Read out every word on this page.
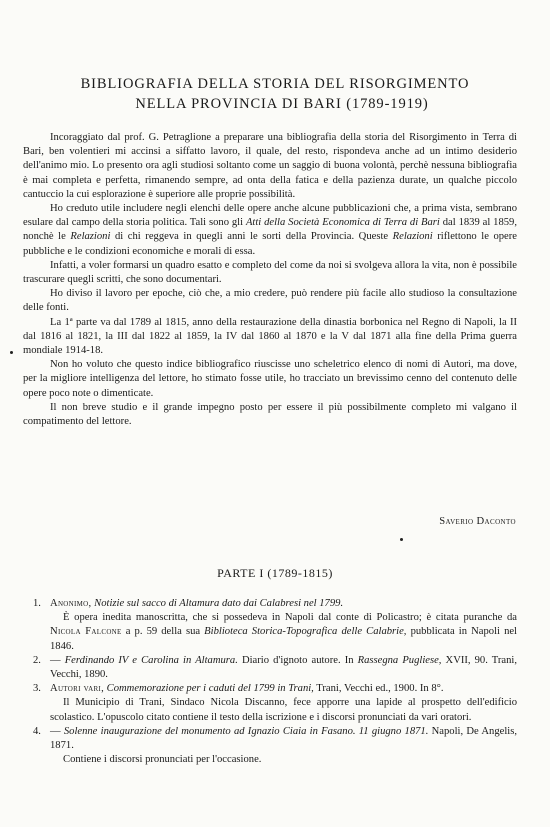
BIBLIOGRAFIA DELLA STORIA DEL RISORGIMENTO
NELLA PROVINCIA DI BARI (1789-1919)

Incoraggiato dal prof. G. Petraglione a preparare una bibliografia della storia del Risorgimento in Terra di Bari, ben volentieri mi accinsi a siffatto lavoro, il quale, del resto, rispondeva anche ad un intimo desiderio dell'animo mio. Lo presento ora agli studiosi soltanto come un saggio di buona volontà, perchè nessuna bibliografia è mai completa e perfetta, rimanendo sempre, ad onta della fatica e della pazienza durate, un qualche piccolo cantuccio la cui esplorazione è superiore alle proprie possibilità.

Ho creduto utile includere negli elenchi delle opere anche alcune pubblicazioni che, a prima vista, sembrano esulare dal campo della storia politica. Tali sono gli Atti della Società Economica di Terra di Bari dal 1839 al 1859, nonchè le Relazioni di chi reggeva in quegli anni le sorti della Provincia. Queste Relazioni riflettono le opere pubbliche e le condizioni economiche e morali di essa.

Infatti, a voler formarsi un quadro esatto e completo del come da noi si svolgeva allora la vita, non è possibile trascurare quegli scritti, che sono documentari.

Ho diviso il lavoro per epoche, ciò che, a mio credere, può rendere più facile allo studioso la consultazione delle fonti.

La 1ª parte va dal 1789 al 1815, anno della restaurazione della dinastia borbonica nel Regno di Napoli, la II dal 1816 al 1821, la III dal 1822 al 1859, la IV dal 1860 al 1870 e la V dal 1871 alla fine della Prima guerra mondiale 1914-18.

Non ho voluto che questo indice bibliografico riuscisse uno scheletrico elenco di nomi di Autori, ma dove, per la migliore intelligenza del lettore, ho stimato fosse utile, ho tracciato un brevissimo cenno del contenuto delle opere poco note o dimenticate.

Il non breve studio e il grande impegno posto per essere il più possibilmente completo mi valgano il compatimento del lettore.

Saverio Daconto
PARTE I (1789-1815)
1. Anonimo, Notizie sul sacco di Altamura dato dai Calabresi nel 1799.

È opera inedita manoscritta, che si possedeva in Napoli dal conte di Policastro; è citata puranche da Nicola Falcone a p. 59 della sua Biblioteca Storica-Topografica delle Calabrie, pubblicata in Napoli nel 1846.

2. — Ferdinando IV e Carolina in Altamura. Diario d'ignoto autore. In Rassegna Pugliese, XVII, 90. Trani, Vecchi, 1890.

3. Autori vari, Commemorazione per i caduti del 1799 in Trani, Trani, Vecchi ed., 1900. In 8°.

Il Municipio di Trani, Sindaco Nicola Discanno, fece apporre una lapide al prospetto dell'edificio scolastico. L'opuscolo citato contiene il testo della iscrizione e i discorsi pronunciati da vari oratori.

4. — Solenne inaugurazione del monumento ad Ignazio Ciaia in Fasano. 11 giugno 1871. Napoli, De Angelis, 1871.

Contiene i discorsi pronunciati per l'occasione.
